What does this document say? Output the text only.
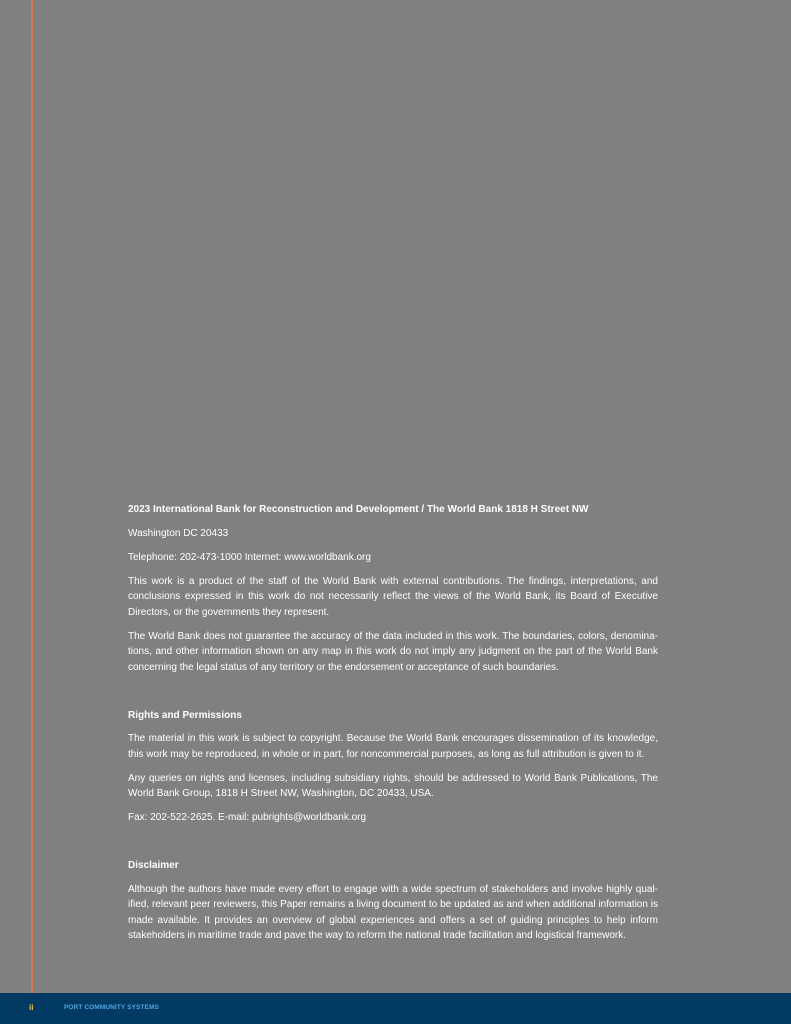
2023 International Bank for Reconstruction and Development / The World Bank 1818 H Street NW

Washington DC 20433

Telephone: 202-473-1000 Internet: www.worldbank.org

This work is a product of the staff of the World Bank with external contributions. The findings, interpretations, and conclusions expressed in this work do not necessarily reflect the views of the World Bank, its Board of Executive Directors, or the governments they represent.

The World Bank does not guarantee the accuracy of the data included in this work. The boundaries, colors, denomina-tions, and other information shown on any map in this work do not imply any judgment on the part of the World Bank concerning the legal status of any territory or the endorsement or acceptance of such boundaries.

Rights and Permissions

The material in this work is subject to copyright. Because the World Bank encourages dissemination of its knowledge, this work may be reproduced, in whole or in part, for noncommercial purposes, as long as full attribution is given to it.

Any queries on rights and licenses, including subsidiary rights, should be addressed to World Bank Publications, The World Bank Group, 1818 H Street NW, Washington, DC 20433, USA.

Fax: 202-522-2625. E-mail: pubrights@worldbank.org

Disclaimer

Although the authors have made every effort to engage with a wide spectrum of stakeholders and involve highly qual-ified, relevant peer reviewers, this Paper remains a living document to be updated as and when additional information is made available. It provides an overview of global experiences and offers a set of guiding principles to help inform stakeholders in maritime trade and pave the way to reform the national trade facilitation and logistical framework.

ii	PORT COMMUNITY SYSTEMS
